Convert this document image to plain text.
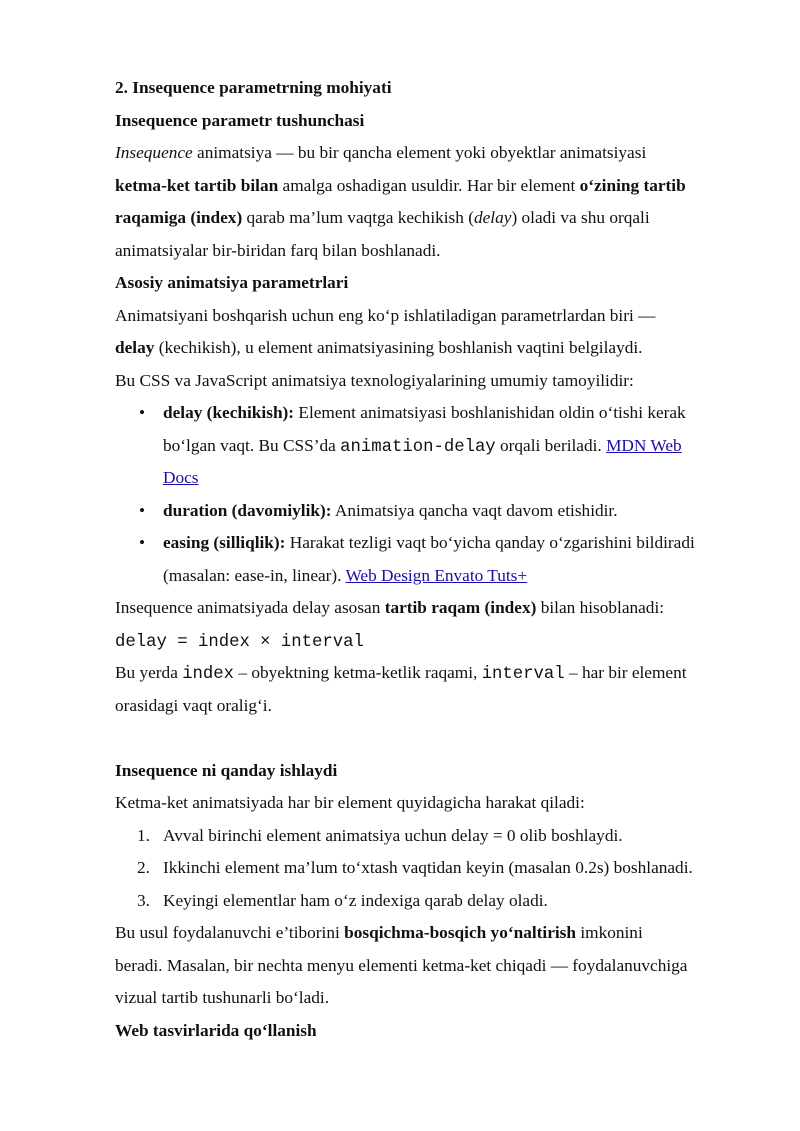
2. Insequence parametrning mohiyati
Insequence parametr tushunchasi
Insequence animatsiya — bu bir qancha element yoki obyektlar animatsiyasi
ketma-ket tartib bilan amalga oshadigan usuldir. Har bir element o‘zining tartib
raqamiga (index) qarab ma’lum vaqtga kechikish (delay) oladi va shu orqali
animatsiyalar bir-biridan farq bilan boshlanadi.
Asosiy animatsiya parametrlari
Animatsiyani boshqarish uchun eng ko‘p ishlatiladigan parametrlardan biri —
delay (kechikish), u element animatsiyasining boshlanish vaqtini belgilaydi.
Bu CSS va JavaScript animatsiya texnologiyalarining umumiy tamoyilidir:
• delay (kechikish): Element animatsiyasi boshlanishidan oldin o‘tishi kerak
bo‘lgan vaqt. Bu CSS’da animation-delay orqali beriladi. MDN Web
Docs
• duration (davomiylik): Animatsiya qancha vaqt davom etishidir.
• easing (silliqlik): Harakat tezligi vaqt bo‘yicha qanday o‘zgarishini bildiradi
(masalan: ease-in, linear). Web Design Envato Tuts+
Insequence animatsiyada delay asosan tartib raqam (index) bilan hisoblanadi:
delay = index × interval
Bu yerda index – obyektning ketma-ketlik raqami, interval – har bir element
orasidagi vaqt oralig‘i.
Insequence ni qanday ishlaydi
Ketma-ket animatsiyada har bir element quyidagicha harakat qiladi:
1. Avval birinchi element animatsiya uchun delay = 0 olib boshlaydi.
2. Ikkinchi element ma’lum to‘xtash vaqtidan keyin (masalan 0.2s) boshlanadi.
3. Keyingi elementlar ham o‘z indexiga qarab delay oladi.
Bu usul foydalanuvchi e’tiborini bosqichma-bosqich yo‘naltirish imkonini
beradi. Masalan, bir nechta menyu elementi ketma-ket chiqadi — foydalanuvchiga
vizual tartib tushunarli bo‘ladi.
Web tasvirlarida qo‘llanish
